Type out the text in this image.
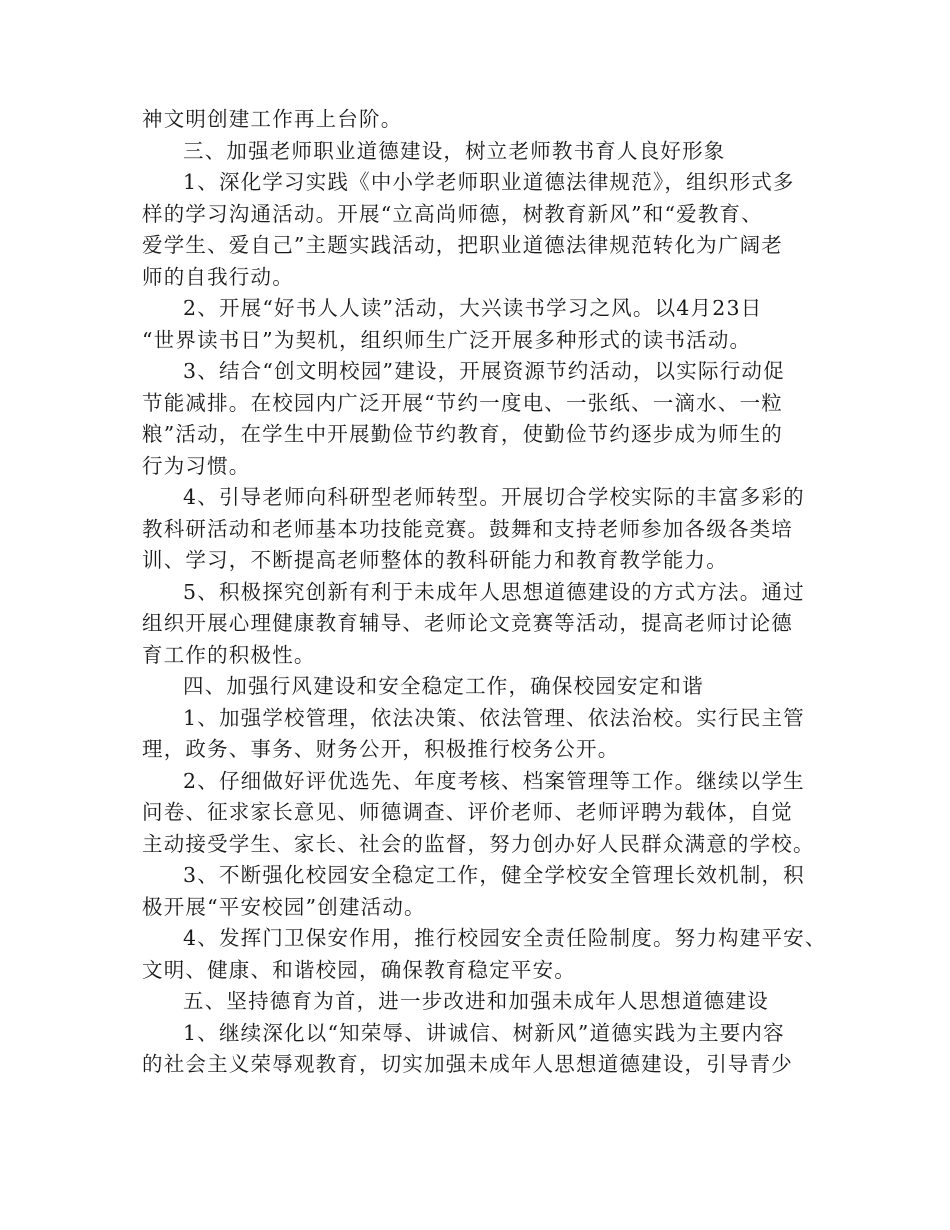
神文明创建工作再上台阶。
三、加强老师职业道德建设，树立老师教书育人良好形象
1、深化学习实践《中小学老师职业道德法律规范》，组织形式多
样的学习沟通活动。开展“立高尚师德，树教育新风”和“爱教育、
爱学生、爱自己”主题实践活动，把职业道德法律规范转化为广阔老
师的自我行动。
2、开展“好书人人读”活动，大兴读书学习之风。以4月23日
“世界读书日”为契机，组织师生广泛开展多种形式的读书活动。
3、结合“创文明校园”建设，开展资源节约活动，以实际行动促
节能减排。在校园内广泛开展“节约一度电、一张纸、一滴水、一粒
粮”活动，在学生中开展勤俭节约教育，使勤俭节约逐步成为师生的
行为习惯。
4、引导老师向科研型老师转型。开展切合学校实际的丰富多彩的
教科研活动和老师基本功技能竞赛。鼓舞和支持老师参加各级各类培
训、学习，不断提高老师整体的教科研能力和教育教学能力。
5、积极探究创新有利于未成年人思想道德建设的方式方法。通过
组织开展心理健康教育辅导、老师论文竞赛等活动，提高老师讨论德
育工作的积极性。
四、加强行风建设和安全稳定工作，确保校园安定和谐
1、加强学校管理，依法决策、依法管理、依法治校。实行民主管
理，政务、事务、财务公开，积极推行校务公开。
2、仔细做好评优选先、年度考核、档案管理等工作。继续以学生
问卷、征求家长意见、师德调查、评价老师、老师评聘为载体，自觉
主动接受学生、家长、社会的监督，努力创办好人民群众满意的学校。
3、不断强化校园安全稳定工作，健全学校安全管理长效机制，积
极开展“平安校园”创建活动。
4、发挥门卫保安作用，推行校园安全责任险制度。努力构建平安、
文明、健康、和谐校园，确保教育稳定平安。
五、坚持德育为首，进一步改进和加强未成年人思想道德建设
1、继续深化以“知荣辱、讲诚信、树新风”道德实践为主要内容
的社会主义荣辱观教育，切实加强未成年人思想道德建设，引导青少
